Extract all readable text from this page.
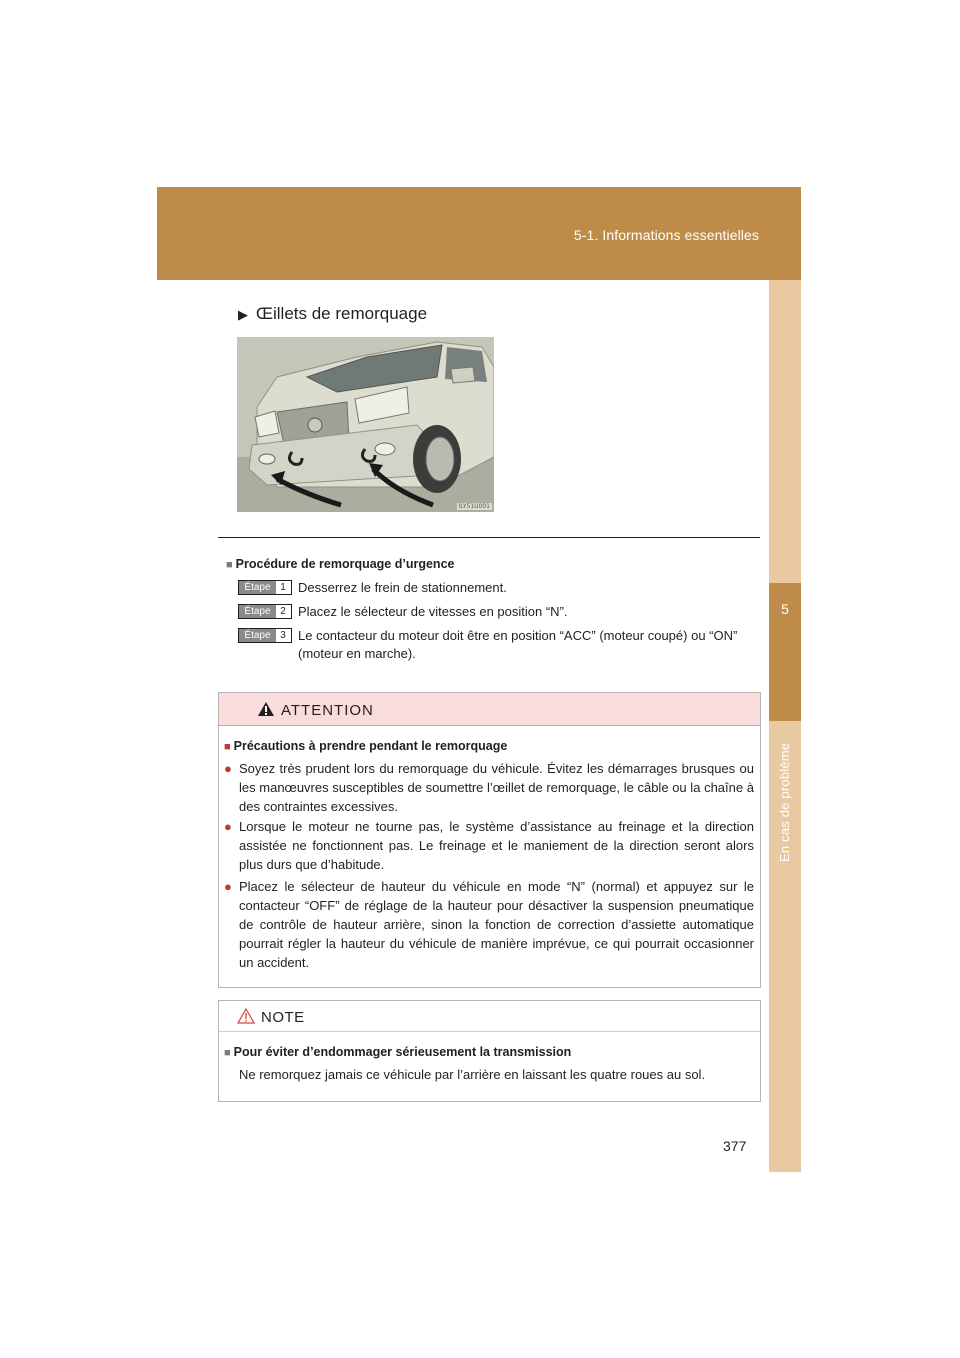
5-1. Informations essentielles
5
En cas de problème
▶ Œillets de remorquage
ILY51U001
■ Procédure de remorquage d’urgence
Étape 1 Desserrez le frein de stationnement.
Étape 2 Placez le sélecteur de vitesses en position “N”.
Étape 3 Le contacteur du moteur doit être en position “ACC” (moteur coupé) ou “ON” (moteur en marche).
ATTENTION
■ Précautions à prendre pendant le remorquage
● Soyez très prudent lors du remorquage du véhicule. Évitez les démarrages brusques ou les manœuvres susceptibles de soumettre l’œillet de remorquage, le câble ou la chaîne à des contraintes excessives.
● Lorsque le moteur ne tourne pas, le système d’assistance au freinage et la direction assistée ne fonctionnent pas. Le freinage et le maniement de la direction seront alors plus durs que d’habitude.
● Placez le sélecteur de hauteur du véhicule en mode “N” (normal) et appuyez sur le contacteur “OFF” de réglage de la hauteur pour désactiver la suspension pneumatique de contrôle de hauteur arrière, sinon la fonction de correction d’assiette automatique pourrait régler la hauteur du véhicule de manière imprévue, ce qui pourrait occasionner un accident.
NOTE
■ Pour éviter d’endommager sérieusement la transmission
Ne remorquez jamais ce véhicule par l’arrière en laissant les quatre roues au sol.
377
